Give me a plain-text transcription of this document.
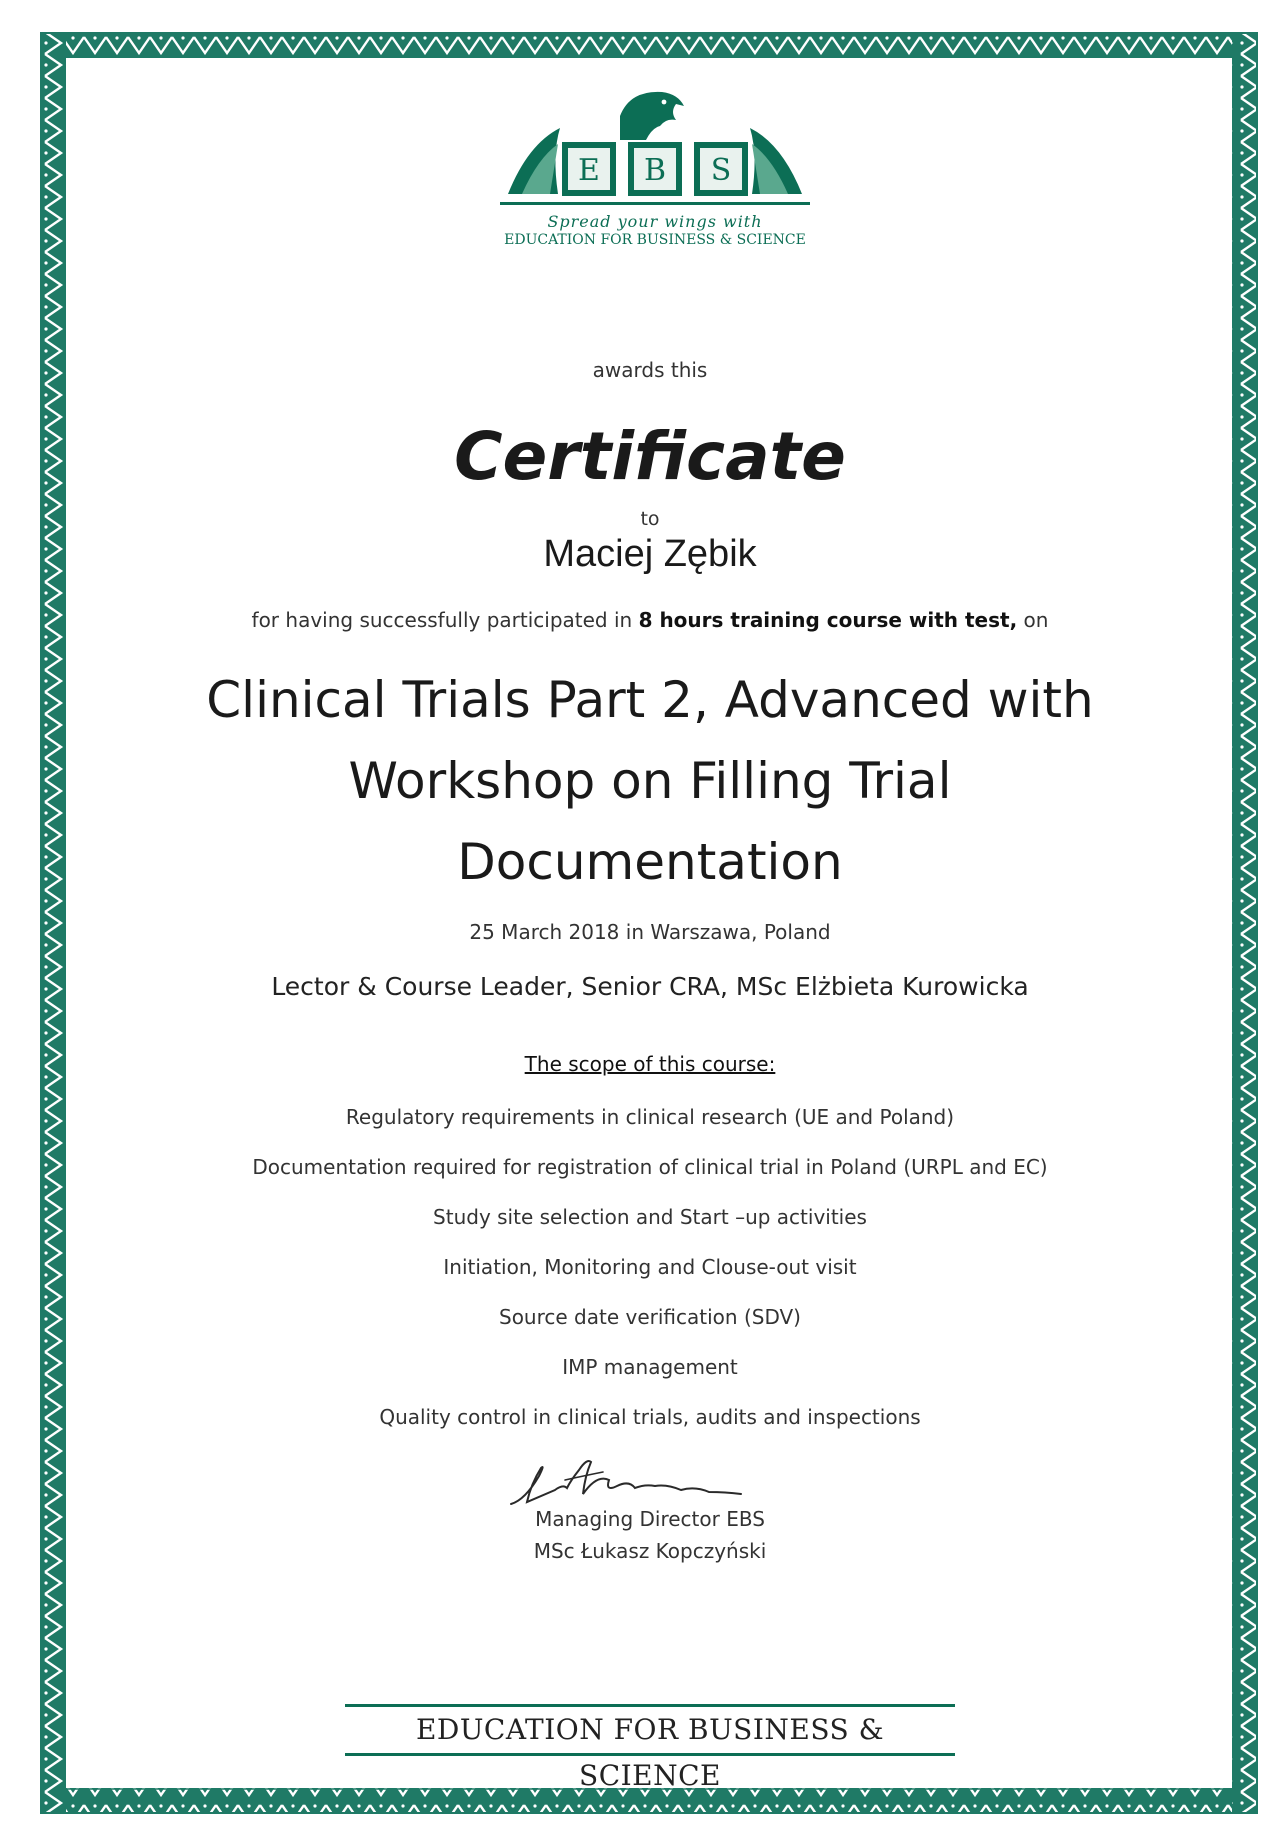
E B S
Spread your wings with
EDUCATION FOR BUSINESS & SCIENCE
awards this
Certificate
to
Maciej Zębik
for having successfully participated in 8 hours training course with test, on
Clinical Trials Part 2, Advanced with
Workshop on Filling Trial
Documentation
25 March 2018 in Warszawa, Poland
Lector & Course Leader, Senior CRA, MSc Elżbieta Kurowicka
The scope of this course:
Regulatory requirements in clinical research (UE and Poland)
Documentation required for registration of clinical trial in Poland (URPL and EC)
Study site selection and Start –up activities
Initiation, Monitoring and Clouse-out visit
Source date verification (SDV)
IMP management
Quality control in clinical trials, audits and inspections
Managing Director EBS
MSc Łukasz Kopczyński
EDUCATION FOR BUSINESS & SCIENCE
